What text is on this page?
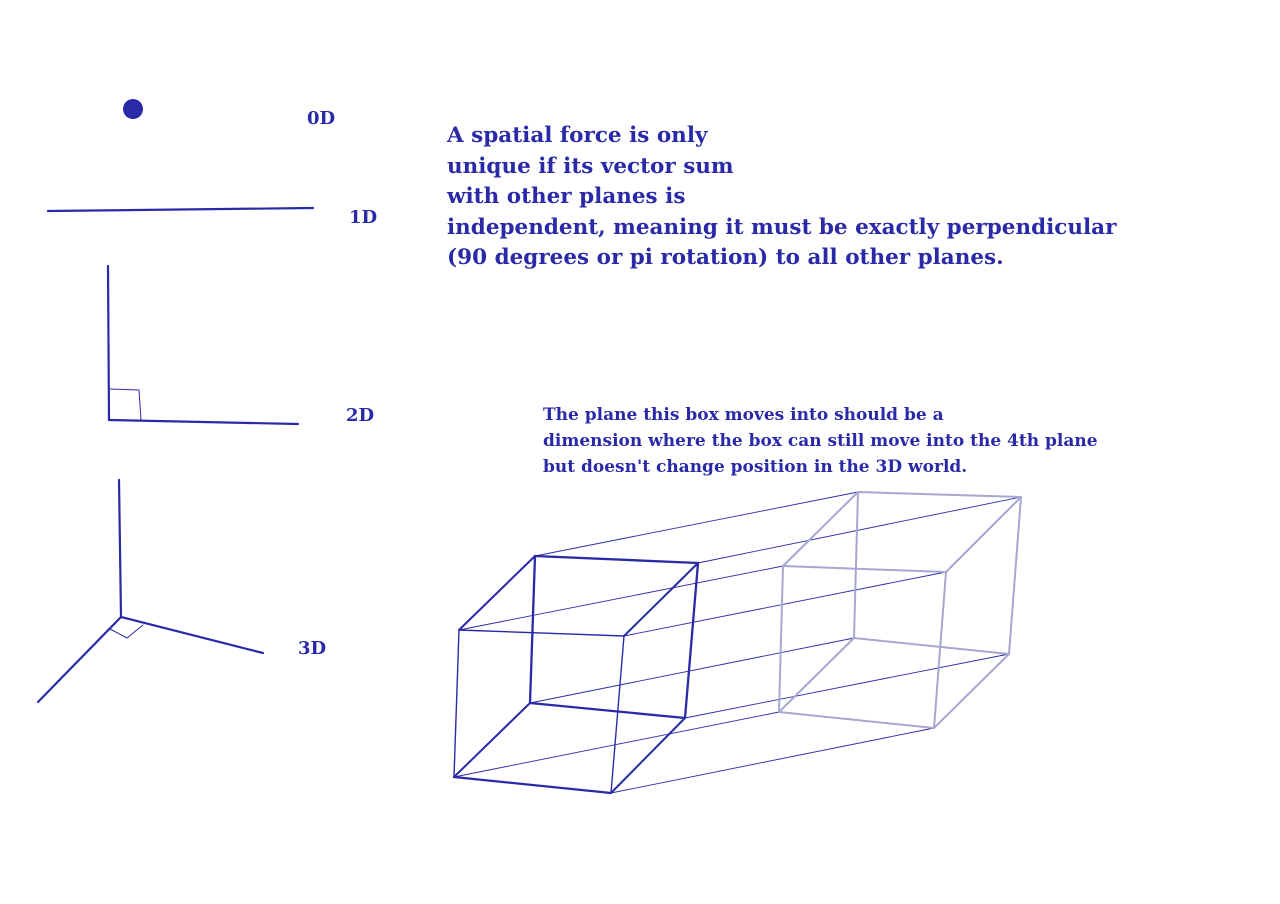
0D
1D
2D
3D
A spatial force is only
unique if its vector sum
with other planes is
independent, meaning it must be exactly perpendicular
(90 degrees or pi rotation) to all other planes.
The plane this box moves into should be a
dimension where the box can still move into the 4th plane
but doesn't change position in the 3D world.
